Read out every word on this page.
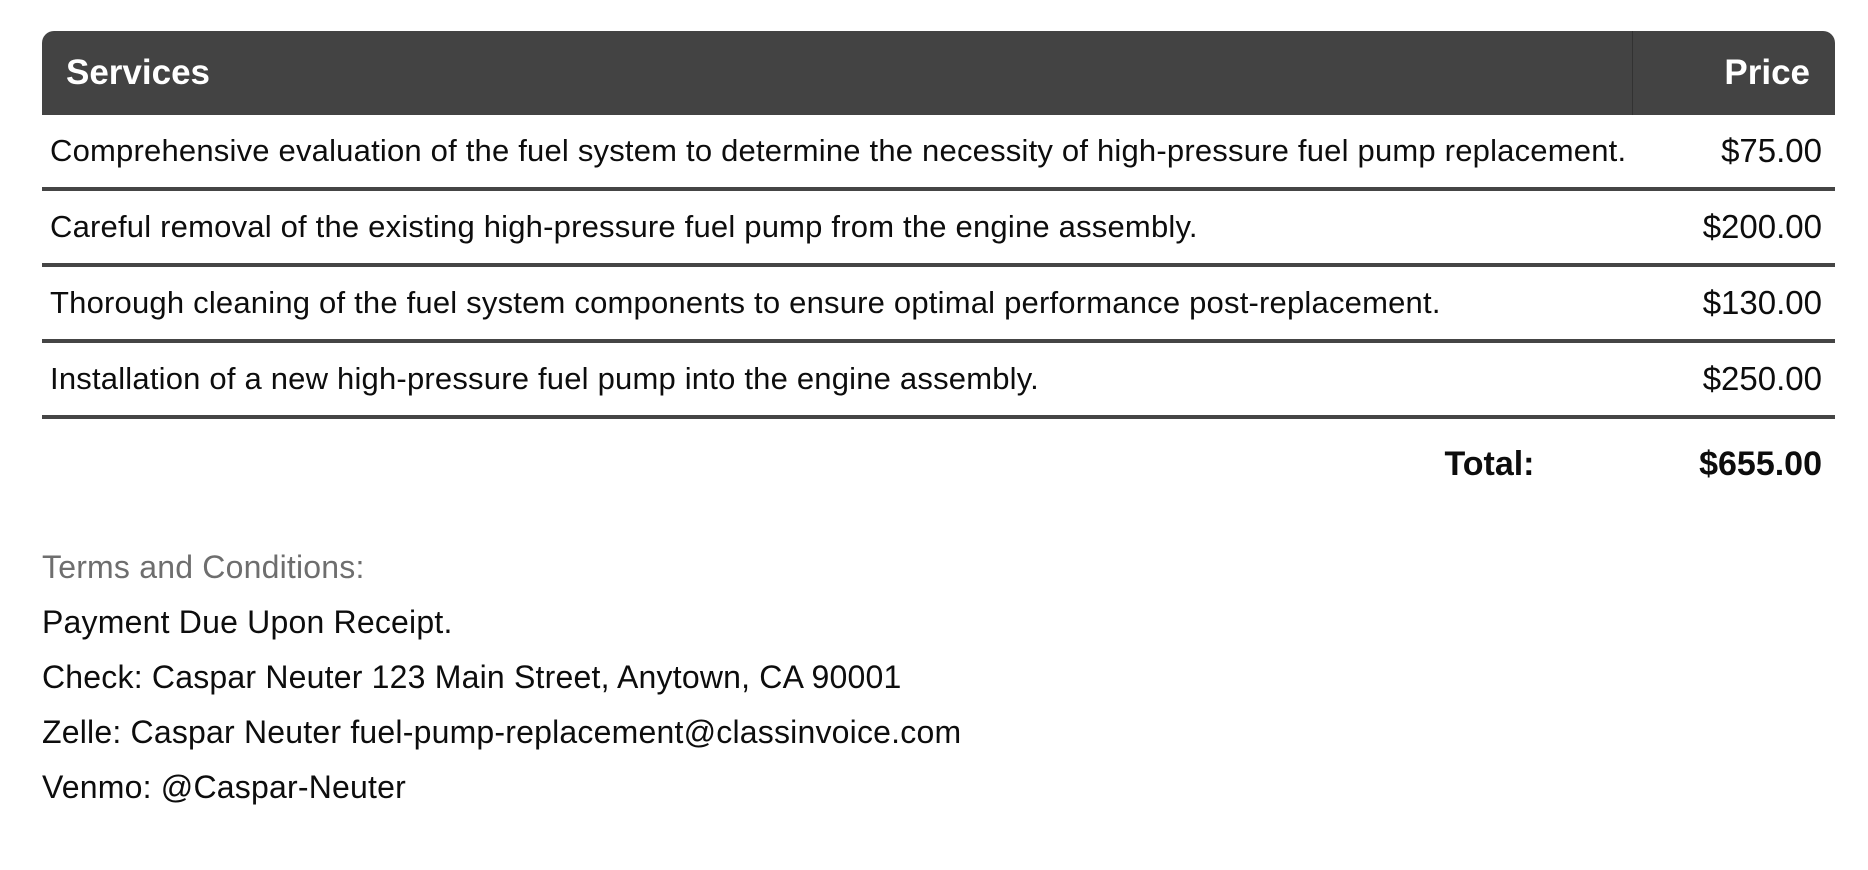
Services	Price
Comprehensive evaluation of the fuel system to determine the necessity of high-pressure fuel pump replacement.	$75.00
Careful removal of the existing high-pressure fuel pump from the engine assembly.	$200.00
Thorough cleaning of the fuel system components to ensure optimal performance post-replacement.	$130.00
Installation of a new high-pressure fuel pump into the engine assembly.	$250.00
Total:	$655.00
Terms and Conditions:
Payment Due Upon Receipt.
Check: Caspar Neuter 123 Main Street, Anytown, CA 90001
Zelle: Caspar Neuter fuel-pump-replacement@classinvoice.com
Venmo: @Caspar-Neuter
